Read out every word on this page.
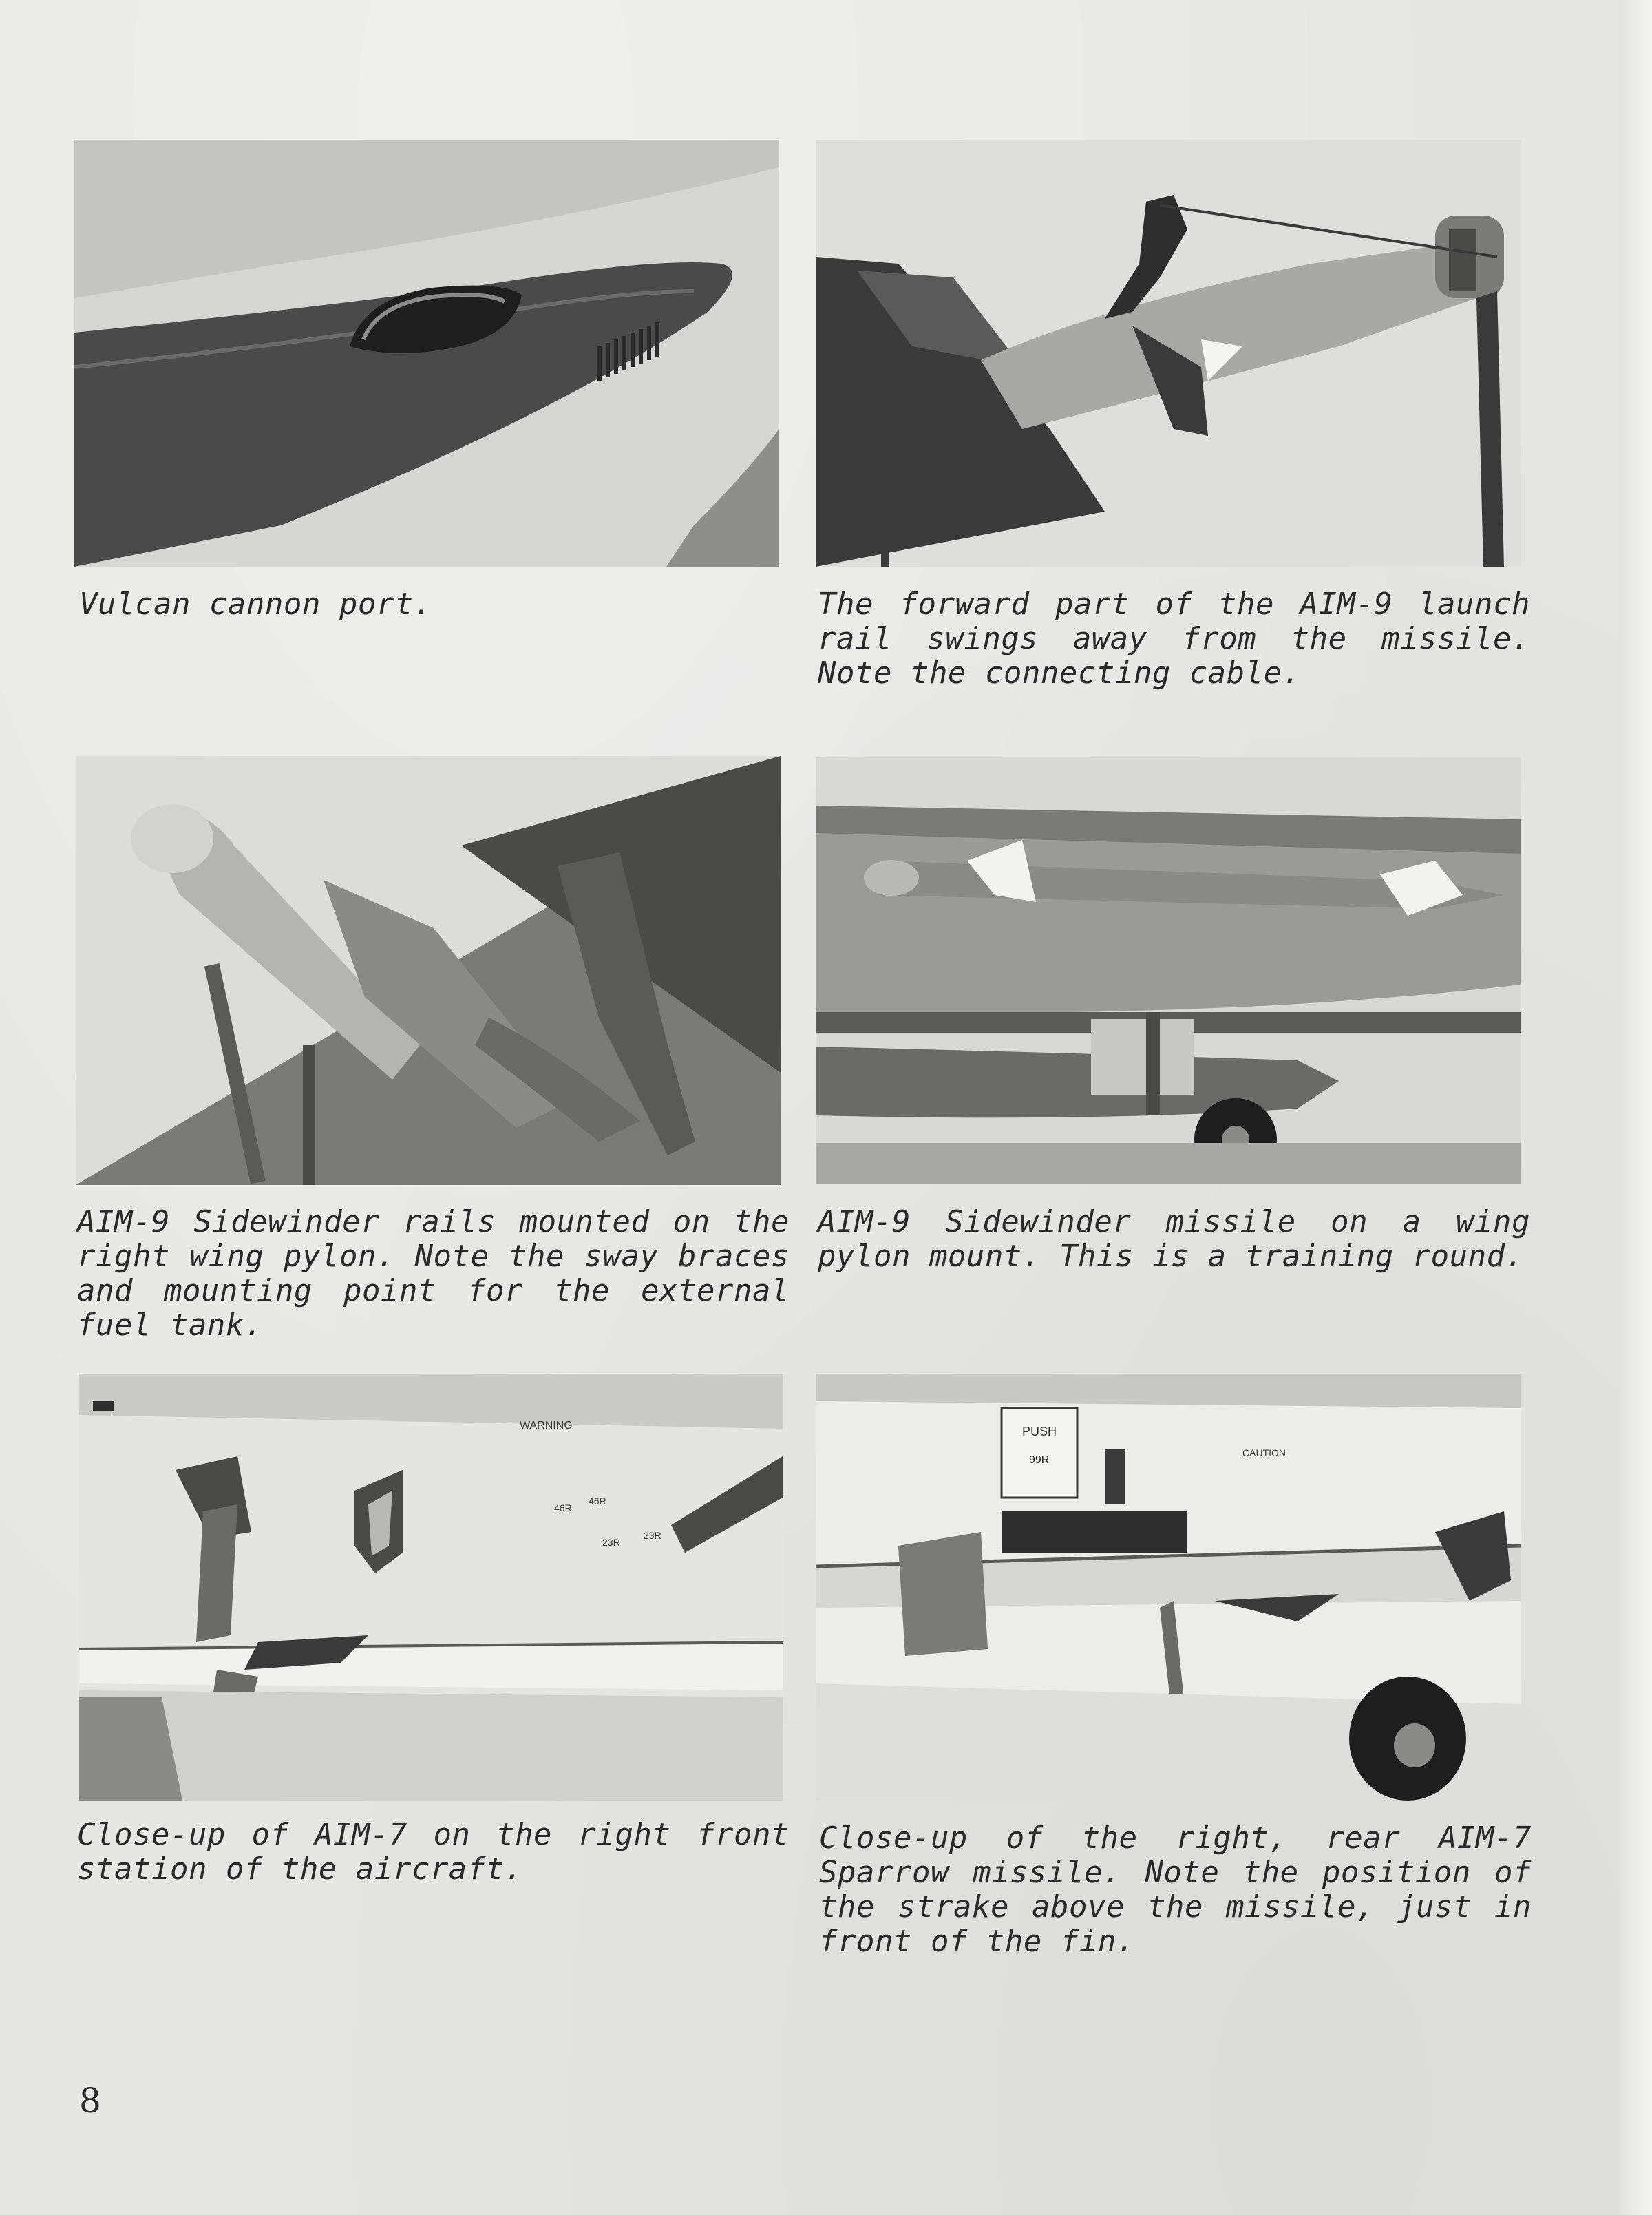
Vulcan cannon port.	The forward part of the AIM-9 launch rail swings away from the missile. Note the connecting cable.
AIM-9 Sidewinder rails mounted on the right wing pylon. Note the sway braces and mounting point for the external fuel tank.
AIM-9 Sidewinder missile on a wing pylon mount. This is a training round.
WARNING
46R
46R
23R
23R
Close-up of AIM-7 on the right front station of the aircraft.
PUSH
99R
CAUTION
Close-up of the right, rear AIM-7 Sparrow missile. Note the position of the strake above the missile, just in front of the fin.
8
